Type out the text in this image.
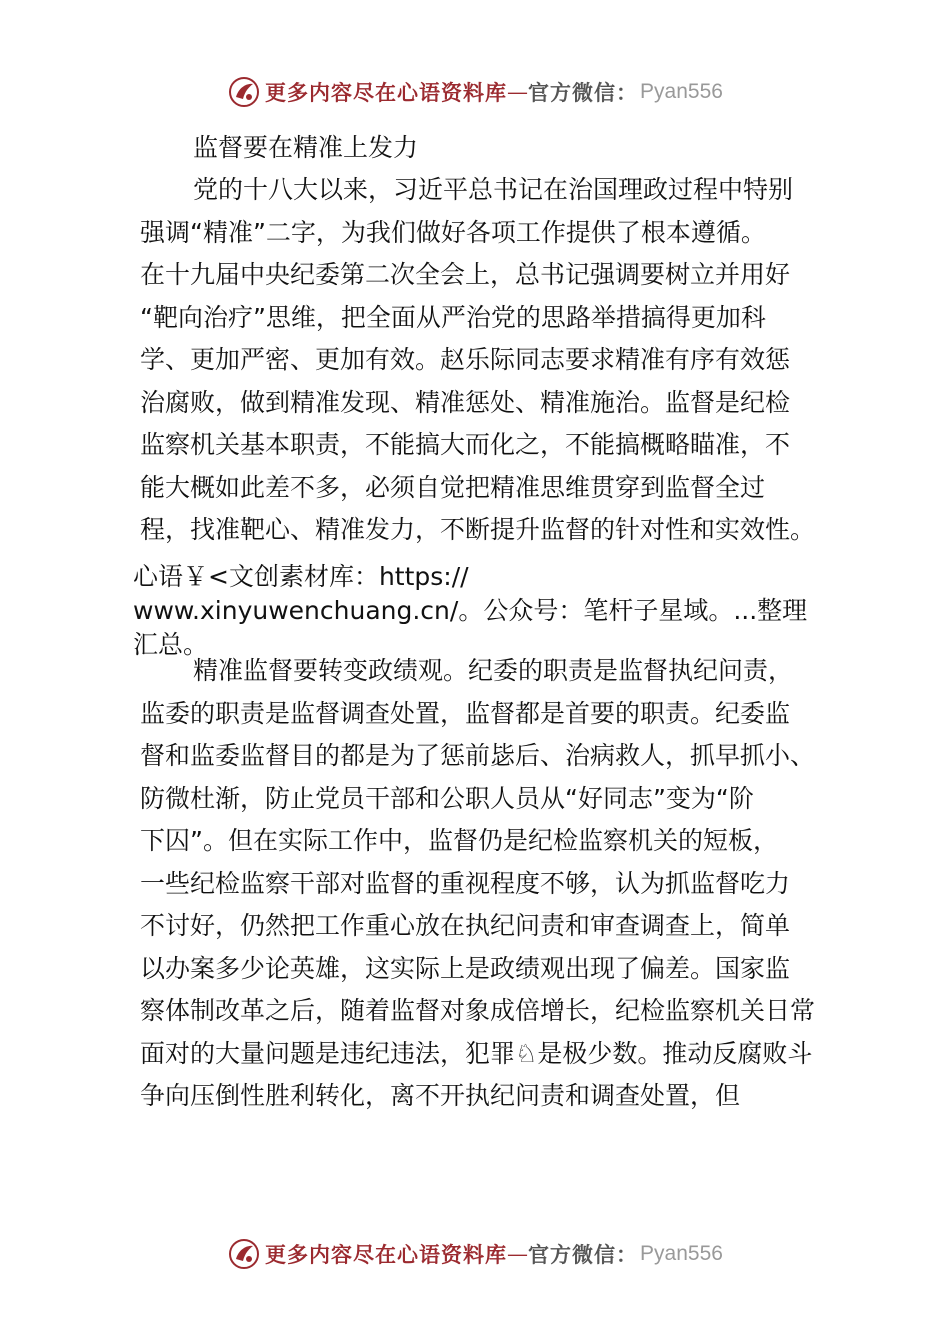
更多内容尽在心语资料库 — 官方微信： Pyan556
监督要在精准上发力
党的十八大以来，习近平总书记在治国理政过程中特别
强调“精准”二字，为我们做好各项工作提供了根本遵循。
在十九届中央纪委第二次全会上，总书记强调要树立并用好
“靶向治疗”思维，把全面从严治党的思路举措搞得更加科
学、更加严密、更加有效。赵乐际同志要求精准有序有效惩
治腐败，做到精准发现、精准惩处、精准施治。监督是纪检
监察机关基本职责，不能搞大而化之，不能搞概略瞄准，不
能大概如此差不多，必须自觉把精准思维贯穿到监督全过
程，找准靶心、精准发力，不断提升监督的针对性和实效性。
心语￥<文创素材库：https://
www.xinyuwenchuang.cn/。公众号：笔杆子星域。...整理
汇总。
精准监督要转变政绩观。纪委的职责是监督执纪问责，
监委的职责是监督调查处置，监督都是首要的职责。纪委监
督和监委监督目的都是为了惩前毖后、治病救人，抓早抓小、
防微杜渐，防止党员干部和公职人员从“好同志”变为“阶
下囚”。但在实际工作中，监督仍是纪检监察机关的短板，
一些纪检监察干部对监督的重视程度不够，认为抓监督吃力
不讨好，仍然把工作重心放在执纪问责和审查调查上，简单
以办案多少论英雄，这实际上是政绩观出现了偏差。国家监
察体制改革之后，随着监督对象成倍增长，纪检监察机关日常
面对的大量问题是违纪违法，犯罪♘是极少数。推动反腐败斗
争向压倒性胜利转化，离不开执纪问责和调查处置，但
更多内容尽在心语资料库 — 官方微信： Pyan556
